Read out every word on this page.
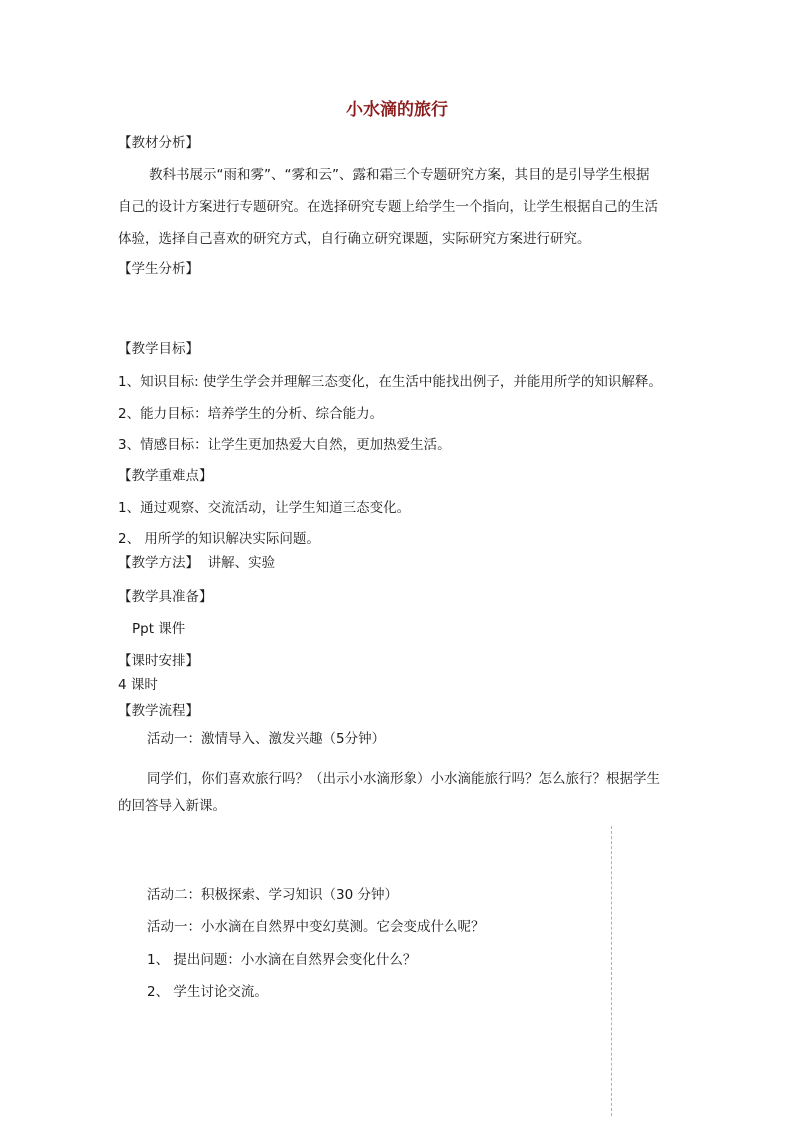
小水滴的旅行
【教材分析】
教科书展示“雨和雾”、“雾和云”、露和霜三个专题研究方案，其目的是引导学生根据
自己的设计方案进行专题研究。在选择研究专题上给学生一个指向，让学生根据自己的生活
体验，选择自己喜欢的研究方式，自行确立研究课题，实际研究方案进行研究。
【学生分析】
【教学目标】
1、知识目标: 使学生学会并理解三态变化，在生活中能找出例子，并能用所学的知识解释。
2、能力目标：培养学生的分析、综合能力。
3、情感目标：让学生更加热爱大自然，更加热爱生活。
【教学重难点】
1、通过观察、交流活动，让学生知道三态变化。
2、 用所学的知识解决实际问题。
【教学方法】  讲解、实验
【教学具准备】
Ppt 课件
【课时安排】
4 课时
【教学流程】
活动一：激情导入、激发兴趣（5分钟）
同学们，你们喜欢旅行吗？（出示小水滴形象）小水滴能旅行吗？怎么旅行？根据学生
的回答导入新课。
活动二：积极探索、学习知识（30 分钟）
活动一：小水滴在自然界中变幻莫测。它会变成什么呢？
1、 提出问题：小水滴在自然界会变化什么？
2、 学生讨论交流。
